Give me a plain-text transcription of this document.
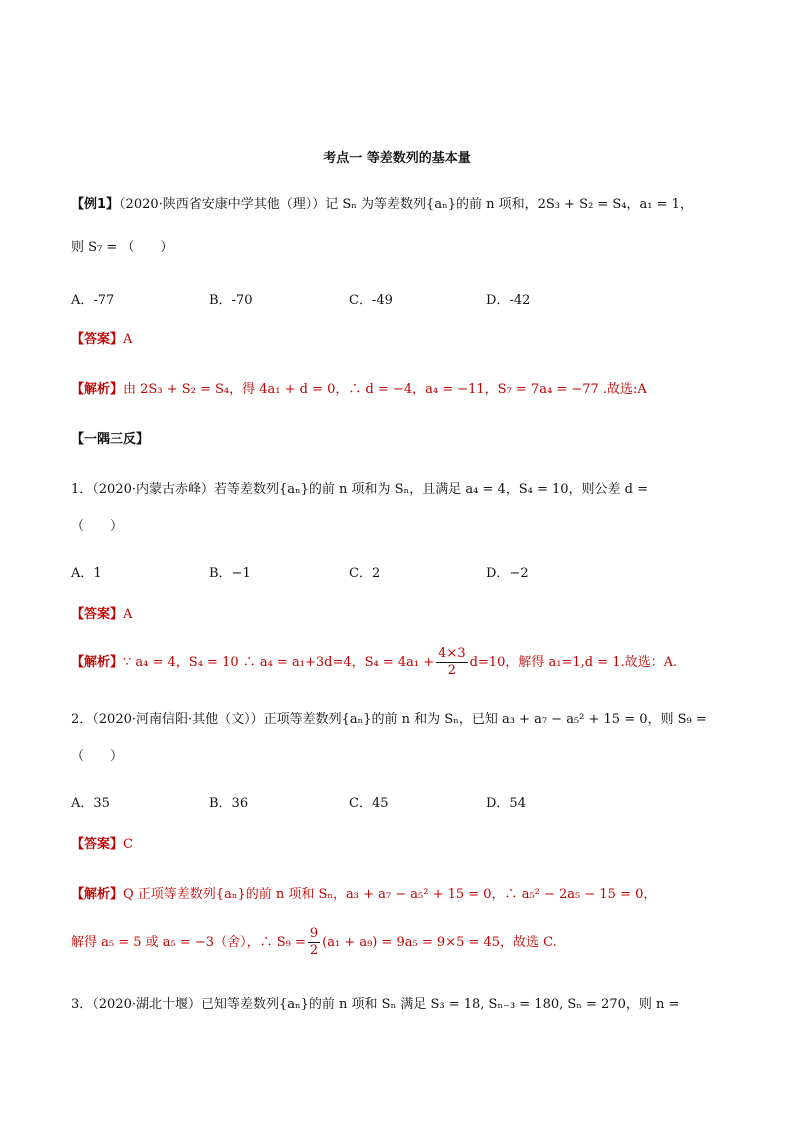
考点一 等差数列的基本量
【例1】（2020·陕西省安康中学其他（理））记 Sₙ 为等差数列{aₙ}的前 n 项和，2S₃ + S₂ = S₄，a₁ = 1，
则 S₇ = （　　）
A．-77	B．-70	C．-49	D．-42
【答案】A
【解析】由 2S₃ + S₂ = S₄，得 4a₁ + d = 0，∴ d = −4，a₄ = −11，S₇ = 7a₄ = −77 .故选:A
【一隅三反】
1．（2020·内蒙古赤峰）若等差数列{aₙ}的前 n 项和为 Sₙ，且满足 a₄ = 4，S₄ = 10，则公差 d =
（　　）
A．1	B．−1	C．2	D．−2
【答案】A
【解析】∵ a₄ = 4，S₄ = 10 ∴ a₄ = a₁+3d=4，$S_4 = 4a_1 + \frac{4\times 3}{2} d=10$，解得 a₁=1,d = 1.故选：A.
2．（2020·河南信阳·其他（文））正项等差数列{aₙ}的前 n 和为 Sₙ，已知 a₃ + a₇ − a₅² + 15 = 0，则 S₉ =
（　　）
A．35	B．36	C．45	D．54
【答案】C
【解析】Q 正项等差数列{aₙ}的前 n 项和 Sₙ，a₃ + a₇ − a₅² + 15 = 0，∴ a₅² − 2a₅ − 15 = 0，
解得 a₅ = 5 或 a₅ = −3（舍），∴ $S_9 = \frac{9}{2} (a_1 + a_9) = 9a_5 = 9\times 5 = 45$，故选 C.
3．（2020·湖北十堰）已知等差数列{aₙ}的前 n 项和 Sₙ 满足 S₃ = 18, Sₙ₋₃ = 180, Sₙ = 270，则 n =
